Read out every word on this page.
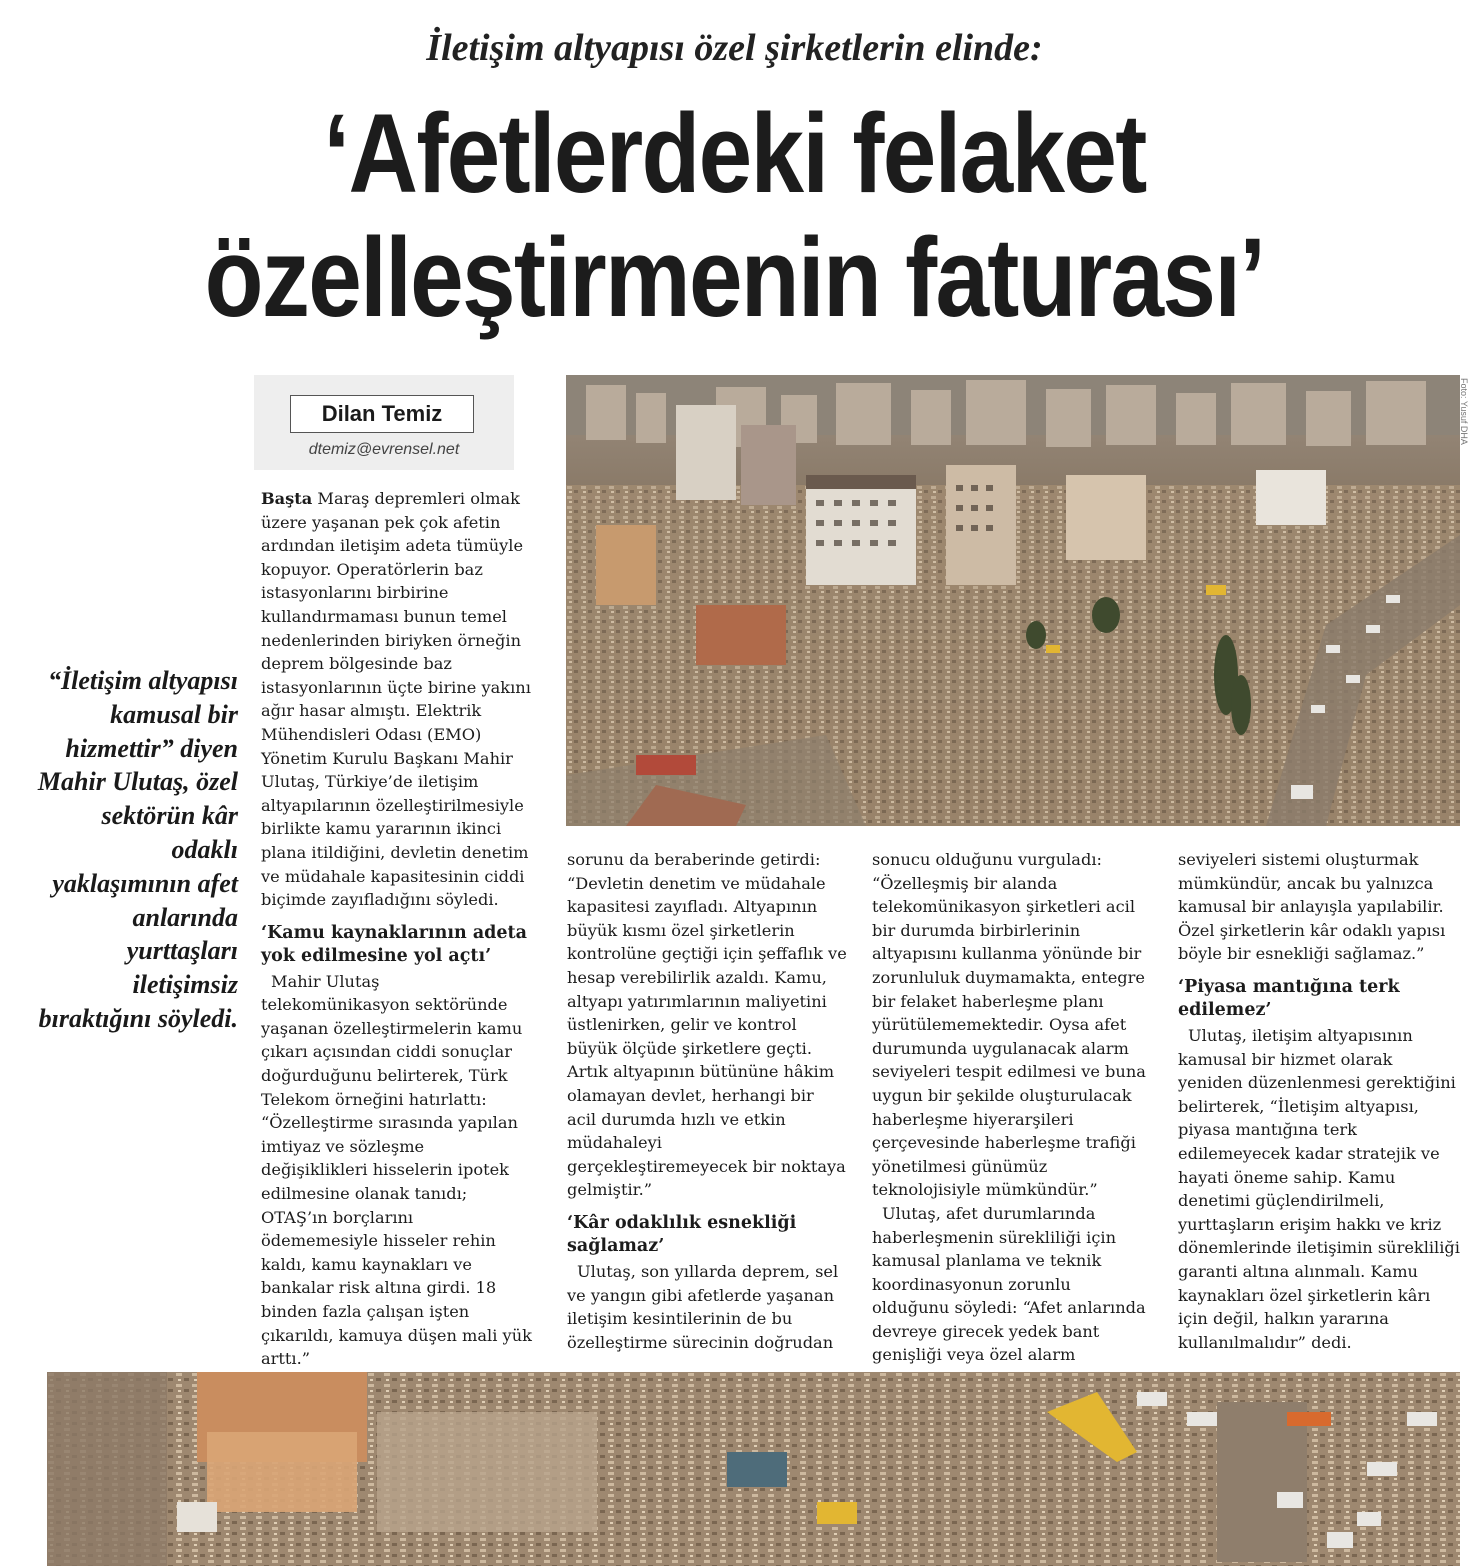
İletişim altyapısı özel şirketlerin elinde:
‘Afetlerdeki felaket
özelleştirmenin faturası’
Dilan Temiz
dtemiz@evrensel.net
Foto: Yusuf DHA
“İletişim altyapısı kamusal bir hizmettir” diyen Mahir Ulutaş, özel sektörün kâr odaklı yaklaşımının afet anlarında yurttaşları iletişimsiz bıraktığını söyledi.

Başta Maraş depremleri olmak üzere yaşanan pek çok afetin ardından iletişim adeta tümüyle kopuyor. Operatörlerin baz istasyonlarını birbirine kullandırmaması bunun temel nedenlerinden biriyken örneğin deprem bölgesinde baz istasyonlarının üçte birine yakını ağır hasar almıştı. Elektrik Mühendisleri Odası (EMO) Yönetim Kurulu Başkanı Mahir Ulutaş, Türkiye’de iletişim altyapılarının özelleştirilmesiyle birlikte kamu yararının ikinci plana itildiğini, devletin denetim ve müdahale kapasitesinin ciddi biçimde zayıfladığını söyledi.

‘Kamu kaynaklarının adeta yok edilmesine yol açtı’

Mahir Ulutaş telekomünikasyon sektöründe yaşanan özelleştirmelerin kamu çıkarı açısından ciddi sonuçlar doğurduğunu belirterek, Türk Telekom örneğini hatırlattı: “Özelleştirme sırasında yapılan imtiyaz ve sözleşme değişiklikleri hisselerin ipotek edilmesine olanak tanıdı; OTAŞ’ın borçlarını ödememesiyle hisseler rehin kaldı, kamu kaynakları ve bankalar risk altına girdi. 18 binden fazla çalışan işten çıkarıldı, kamuya düşen mali yük arttı.”

sorunu da beraberinde getirdi: “Devletin denetim ve müdahale kapasitesi zayıfladı. Altyapının büyük kısmı özel şirketlerin kontrolüne geçtiği için şeffaflık ve hesap verebilirlik azaldı. Kamu, altyapı yatırımlarının maliyetini üstlenirken, gelir ve kontrol büyük ölçüde şirketlere geçti. Artık altyapının bütününe hâkim olamayan devlet, herhangi bir acil durumda hızlı ve etkin müdahaleyi gerçekleştiremeyecek bir noktaya gelmiştir.”

‘Kâr odaklılık esnekliği sağlamaz’

Ulutaş, son yıllarda deprem, sel ve yangın gibi afetlerde yaşanan iletişim kesintilerinin de bu özelleştirme sürecinin doğrudan

sonucu olduğunu vurguladı: “Özelleşmiş bir alanda telekomünikasyon şirketleri acil bir durumda birbirlerinin altyapısını kullanma yönünde bir zorunluluk duymamakta, entegre bir felaket haberleşme planı yürütülememektedir. Oysa afet durumunda uygulanacak alarm seviyeleri tespit edilmesi ve buna uygun bir şekilde oluşturulacak haberleşme hiyerarşileri çerçevesinde haberleşme trafiği yönetilmesi günümüz teknolojisiyle mümkündür.”

Ulutaş, afet durumlarında haberleşmenin sürekliliği için kamusal planlama ve teknik koordinasyonun zorunlu olduğunu söyledi: “Afet anlarında devreye girecek yedek bant genişliği veya özel alarm

seviyeleri sistemi oluşturmak mümkündür, ancak bu yalnızca kamusal bir anlayışla yapılabilir. Özel şirketlerin kâr odaklı yapısı böyle bir esnekliği sağlamaz.”

‘Piyasa mantığına terk edilemez’

Ulutaş, iletişim altyapısının kamusal bir hizmet olarak yeniden düzenlenmesi gerektiğini belirterek, “İletişim altyapısı, piyasa mantığına terk edilemeyecek kadar stratejik ve hayati öneme sahip. Kamu denetimi güçlendirilmeli, yurttaşların erişim hakkı ve kriz dönemlerinde iletişimin sürekliliği garanti altına alınmalı. Kamu kaynakları özel şirketlerin kârı için değil, halkın yararına kullanılmalıdır” dedi.
